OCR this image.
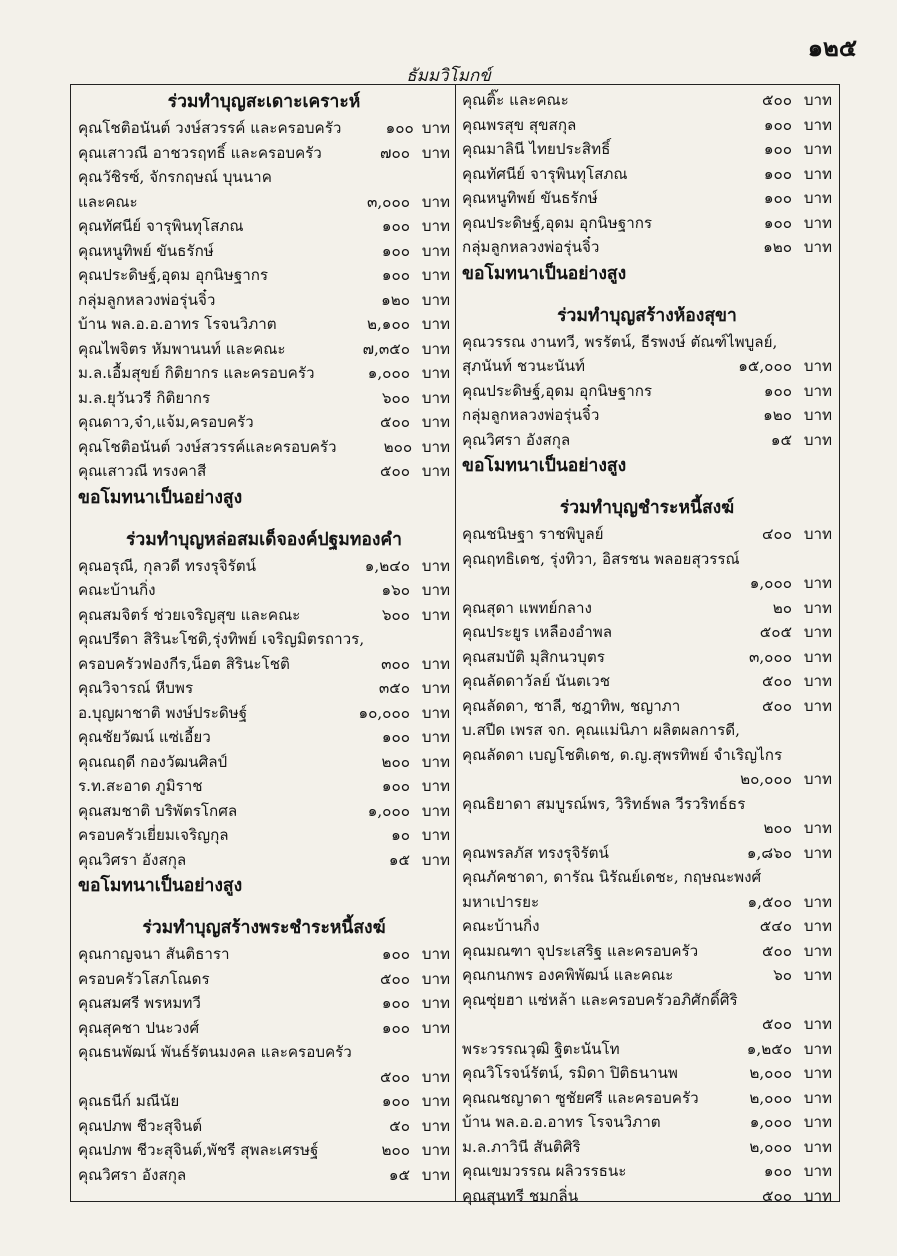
๑๒๕
ธัมมวิโมกข์
ร่วมทำบุญสะเดาะเคราะห์
คุณโชติอนันต์ วงษ์สวรรค์ และครอบครัว	๑๐๐ บาท
คุณเสาวณี อาชวรฤทธิ์ และครอบครัว	๗๐๐ บาท
คุณวัชิรซ์, จักรกฤษณ์ บุนนาค
และคณะ	๓,๐๐๐ บาท
คุณทัศนีย์ จารุพินทุโสภณ	๑๐๐ บาท
คุณหนูทิพย์ ขันธรักษ์	๑๐๐ บาท
คุณประดิษฐ์,อุดม อุกนิษฐากร	๑๐๐ บาท
กลุ่มลูกหลวงพ่อรุ่นจิ๋ว	๑๒๐ บาท
บ้าน พล.อ.อ.อาทร โรจนวิภาต	๒,๑๐๐ บาท
คุณไพจิตร หัมพานนท์ และคณะ	๗,๓๕๐ บาท
ม.ล.เอื้มสุขย์ กิติยากร และครอบครัว	๑,๐๐๐ บาท
ม.ล.ยุวันวรี กิติยากร	๖๐๐ บาท
คุณดาว,จ๋า,แจ้ม,ครอบครัว	๕๐๐ บาท
คุณโชติอนันต์ วงษ์สวรรค์และครอบครัว	๒๐๐ บาท
คุณเสาวณี ทรงคาสี	๕๐๐ บาท
ขอโมทนาเป็นอย่างสูง
ร่วมทำบุญหล่อสมเด็จองค์ปฐมทองคำ
คุณอรุณี, กุลวดี ทรงรุจิรัตน์	๑,๒๔๐ บาท
คณะบ้านกิ่ง	๑๖๐ บาท
คุณสมจิตร์ ช่วยเจริญสุข และคณะ	๖๐๐ บาท
คุณปรีดา สิรินะโชติ,รุ่งทิพย์ เจริญมิตรถาวร,
ครอบครัวฟองกีร,น็อต สิรินะโชติ	๓๐๐ บาท
คุณวิจารณ์ หีบพร	๓๕๐ บาท
อ.บุญผาชาติ พงษ์ประดิษฐ์	๑๐,๐๐๐ บาท
คุณชัยวัฒน์ แซ่เอี้ยว	๑๐๐ บาท
คุณณฤดี กองวัฒนศิลป์	๒๐๐ บาท
ร.ท.สะอาด ภูมิราช	๑๐๐ บาท
คุณสมชาติ บริพัตรโกศล	๑,๐๐๐ บาท
ครอบครัวเยี่ยมเจริญกุล	๑๐ บาท
คุณวิศรา อังสกุล	๑๕ บาท
ขอโมทนาเป็นอย่างสูง
ร่วมทำบุญสร้างพระชำระหนี้สงฆ์
คุณกาญจนา สันติธารา	๑๐๐ บาท
ครอบครัวโสภโณดร	๕๐๐ บาท
คุณสมศรี พรหมทวี	๑๐๐ บาท
คุณสุคชา ปนะวงศ์	๑๐๐ บาท
คุณธนพัฒน์ พันธ์รัตนมงคล และครอบครัว
๕๐๐ บาท
คุณธนีก์ มณีนัย	๑๐๐ บาท
คุณปภพ ชีวะสุจินต์	๕๐ บาท
คุณปภพ ชีวะสุจินต์,พัชรี สุพละเศรษฐ์	๒๐๐ บาท
คุณวิศรา อังสกุล	๑๕ บาท
คุณติ๊ะ และคณะ	๕๐๐ บาท
คุณพรสุข สุขสกุล	๑๐๐ บาท
คุณมาลินี ไทยประสิทธิ์	๑๐๐ บาท
คุณทัศนีย์ จารุพินทุโสภณ	๑๐๐ บาท
คุณหนูทิพย์ ขันธรักษ์	๑๐๐ บาท
คุณประดิษฐ์,อุดม อุกนิษฐากร	๑๐๐ บาท
กลุ่มลูกหลวงพ่อรุ่นจิ๋ว	๑๒๐ บาท
ขอโมทนาเป็นอย่างสูง
ร่วมทำบุญสร้างห้องสุขา
คุณวรรณ งานทวี, พรรัตน์, ธีรพงษ์ ตัณฑ์ไพบูลย์,
สุภนันท์ ชวนะนันท์	๑๕,๐๐๐ บาท
คุณประดิษฐ์,อุดม อุกนิษฐากร	๑๐๐ บาท
กลุ่มลูกหลวงพ่อรุ่นจิ๋ว	๑๒๐ บาท
คุณวิศรา อังสกุล	๑๕ บาท
ขอโมทนาเป็นอย่างสูง
ร่วมทำบุญชำระหนี้สงฆ์
คุณชนิษฐา ราชพิบูลย์	๔๐๐ บาท
คุณฤทธิเดช, รุ่งทิวา, อิสรชน พลอยสุวรรณ์
๑,๐๐๐ บาท
คุณสุดา แพทย์กลาง	๒๐ บาท
คุณประยูร เหลืองอำพล	๕๐๕ บาท
คุณสมบัติ มุสิกนวบุตร	๓,๐๐๐ บาท
คุณลัดดาวัลย์ นันตเวช	๕๐๐ บาท
คุณลัดดา, ชาลี, ชฎาทิพ, ชญาภา	๕๐๐ บาท
บ.สปีด เพรส จก. คุณแม่นิภา ผลิตผลการดี,
คุณลัดดา เบญโชติเดช, ด.ญ.สุพรทิพย์ จำเริญไกร
๒๐,๐๐๐ บาท
คุณธิยาดา สมบูรณ์พร, วิริทธ์พล วีรวริทธ์ธร
๒๐๐ บาท
คุณพรลภัส ทรงรุจิรัตน์	๑,๘๖๐ บาท
คุณภัคชาดา, ดารัณ นิรัณย์เดชะ, กฤษณะพงศ์
มหาเปารยะ	๑,๕๐๐ บาท
คณะบ้านกิ่ง	๕๔๐ บาท
คุณมณฑา จุประเสริฐ และครอบครัว	๕๐๐ บาท
คุณกนกพร องคพิพัฒน์ และคณะ	๖๐ บาท
คุณซุ่ยฮา แซ่หล้า และครอบครัวอภิศักดิ์ศิริ
๕๐๐ บาท
พระวรรณวุฒิ ฐิตะนันโท	๑,๒๕๐ บาท
คุณวิโรจน์รัตน์, รมิดา ปิติธนานพ	๒,๐๐๐ บาท
คุณณชญาดา ซูชัยศรี และครอบครัว	๒,๐๐๐ บาท
บ้าน พล.อ.อ.อาทร โรจนวิภาต	๑,๐๐๐ บาท
ม.ล.ภาวินี สันติศิริ	๒,๐๐๐ บาท
คุณเขมวรรณ ผลิวรรธนะ	๑๐๐ บาท
คุณสุนทรี ชมกลิ่น	๕๐๐ บาท
